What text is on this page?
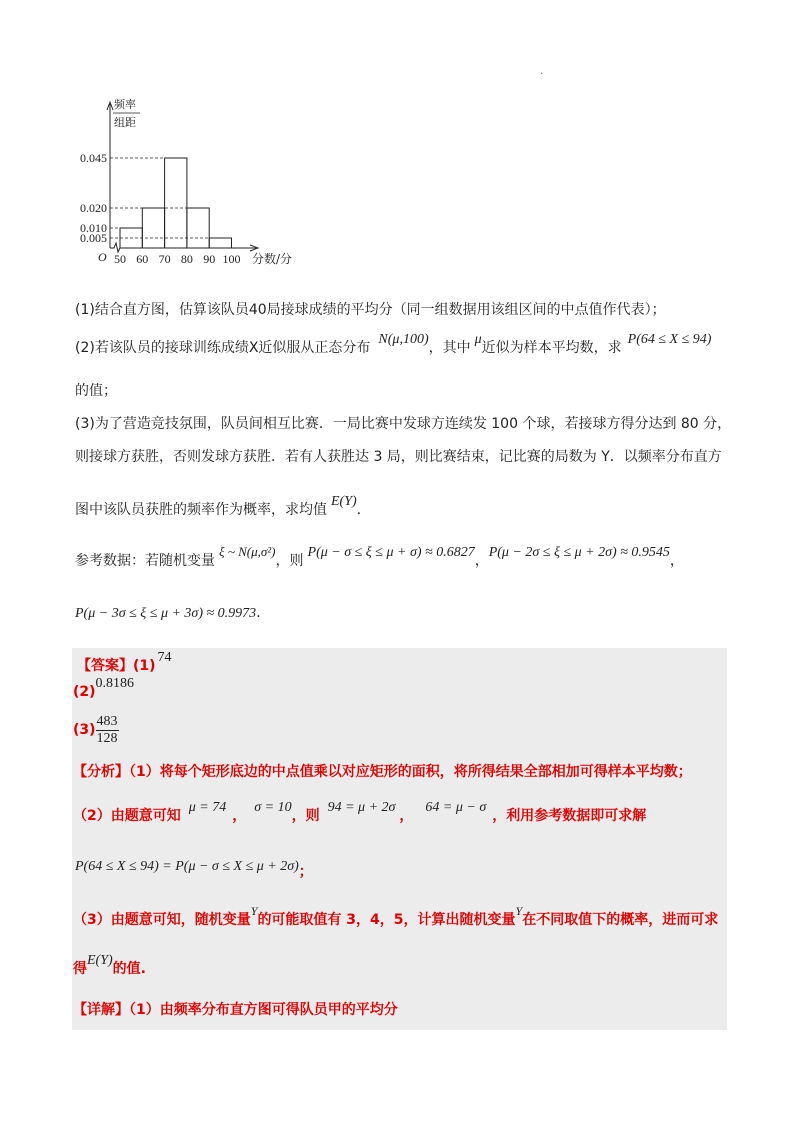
.
频率
组距
0.045
0.020
0.010
0.005
50 60 70 80 90 100
O	分数/分
(1)结合直方图，估算该队员40局接球成绩的平均分（同一组数据用该组区间的中点值作代表）；
(2)若该队员的接球训练成绩X近似服从正态分布N(μ,100)，其中μ近似为样本平均数，求P(64 ≤ X ≤ 94)
的值；
(3)为了营造竞技氛围，队员间相互比赛．一局比赛中发球方连续发 100 个球，若接球方得分达到 80 分，
则接球方获胜，否则发球方获胜．若有人获胜达 3 局，则比赛结束，记比赛的局数为 Y．以频率分布直方
图中该队员获胜的频率作为概率，求均值E(Y).
参考数据：若随机变量ξ ~ N(μ,σ²)，则P(μ − σ ≤ ξ ≤ μ + σ) ≈ 0.6827，P(μ − 2σ ≤ ξ ≤ μ + 2σ) ≈ 0.9545，
P(μ − 3σ ≤ ξ ≤ μ + 3σ) ≈ 0.9973.
【答案】(1)74
(2)0.8186
$(3) \frac{483}{128}$
【分析】（1）将每个矩形底边的中点值乘以对应矩形的面积，将所得结果全部相加可得样本平均数；
（2）由题意可知μ = 74，σ = 10，则94 = μ + 2σ，64 = μ − σ，利用参考数据即可求解
P(64 ≤ X ≤ 94) = P(μ − σ ≤ X ≤ μ + 2σ)；
（3）由题意可知，随机变量Y的可能取值有 3，4，5，计算出随机变量Y在不同取值下的概率，进而可求
得E(Y)的值.
【详解】（1）由频率分布直方图可得队员甲的平均分
